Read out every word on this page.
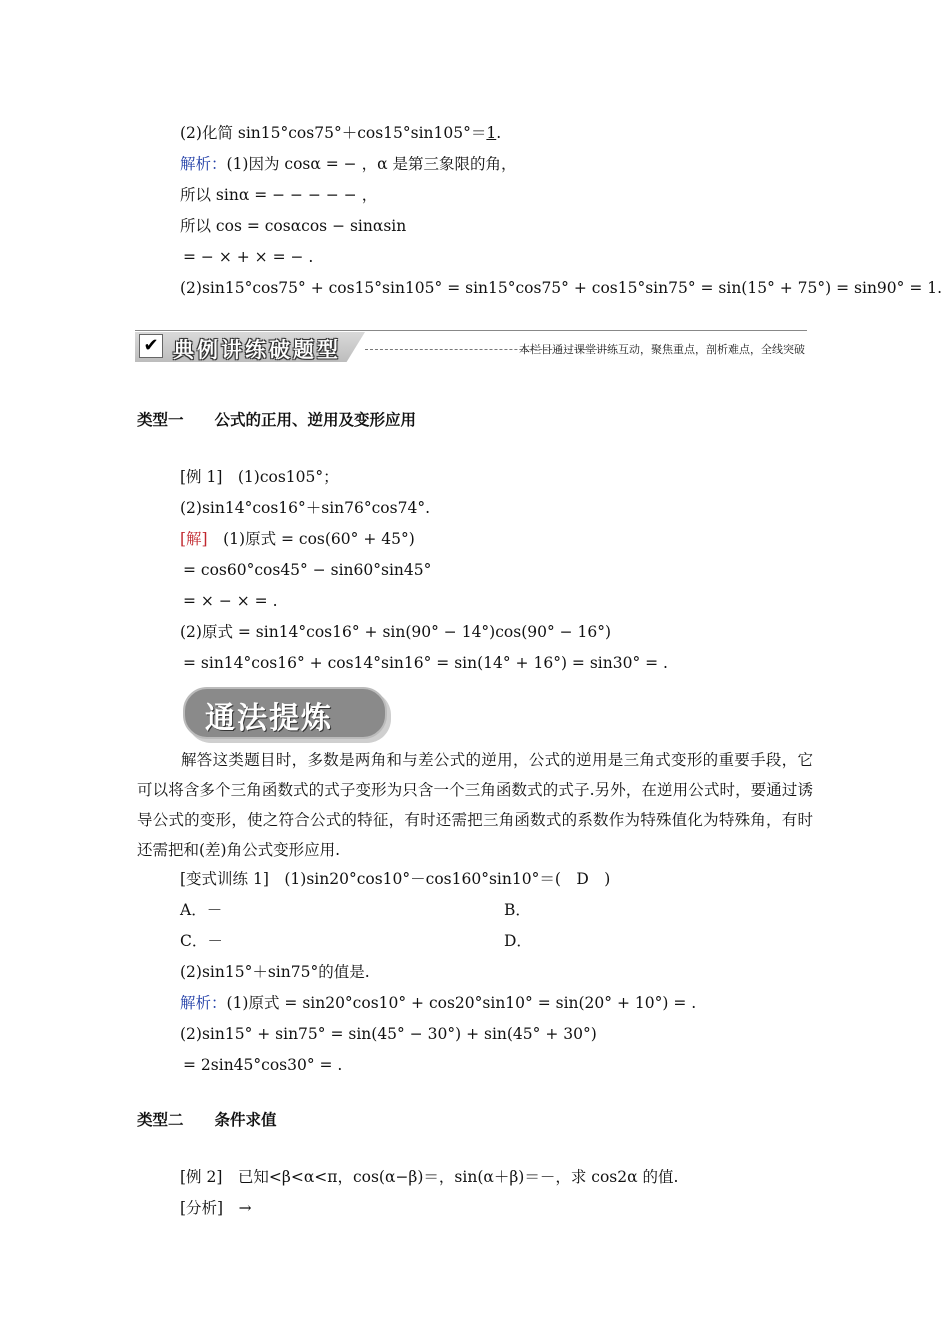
(2)化简 sin15°cos75°＋cos15°sin105°＝1.
解析：(1)因为 cosα = − ，α 是第三象限的角，
所以 sinα = − − − − − ，
所以 cos = cosαcos − sinαsin
= − × + × = − .
(2)sin15°cos75° + cos15°sin105° = sin15°cos75° + cos15°sin75° = sin(15° + 75°) = sin90° = 1.
✔ 典例讲练破题型	本栏目通过课堂讲练互动，聚焦重点，剖析难点，全线突破
类型一　　公式的正用、逆用及变形应用
[例 1]　(1)cos105°；
(2)sin14°cos16°＋sin76°cos74°.
[解]　(1)原式 = cos(60° + 45°)
= cos60°cos45° − sin60°sin45°
= × − × = .
(2)原式 = sin14°cos16° + sin(90° − 14°)cos(90° − 16°)
= sin14°cos16° + cos14°sin16° = sin(14° + 16°) = sin30° = .
通法提炼
解答这类题目时，多数是两角和与差公式的逆用，公式的逆用是三角式变形的重要手段，它可以将含多个三角函数式的式子变形为只含一个三角函数式的式子.另外，在逆用公式时，要通过诱导公式的变形，使之符合公式的特征，有时还需把三角函数式的系数作为特殊值化为特殊角，有时还需把和(差)角公式变形应用.
[变式训练 1]　(1)sin20°cos10°－cos160°sin10°＝(　D　)
A．－	B．
C．－	D．
(2)sin15°＋sin75°的值是.
解析：(1)原式 = sin20°cos10° + cos20°sin10° = sin(20° + 10°) = .
(2)sin15° + sin75° = sin(45° − 30°) + sin(45° + 30°)
= 2sin45°cos30° = .
类型二　　条件求值
[例 2]　已知<β<α<π，cos(α−β)＝，sin(α＋β)＝－，求 cos2α 的值.
[分析]　→
